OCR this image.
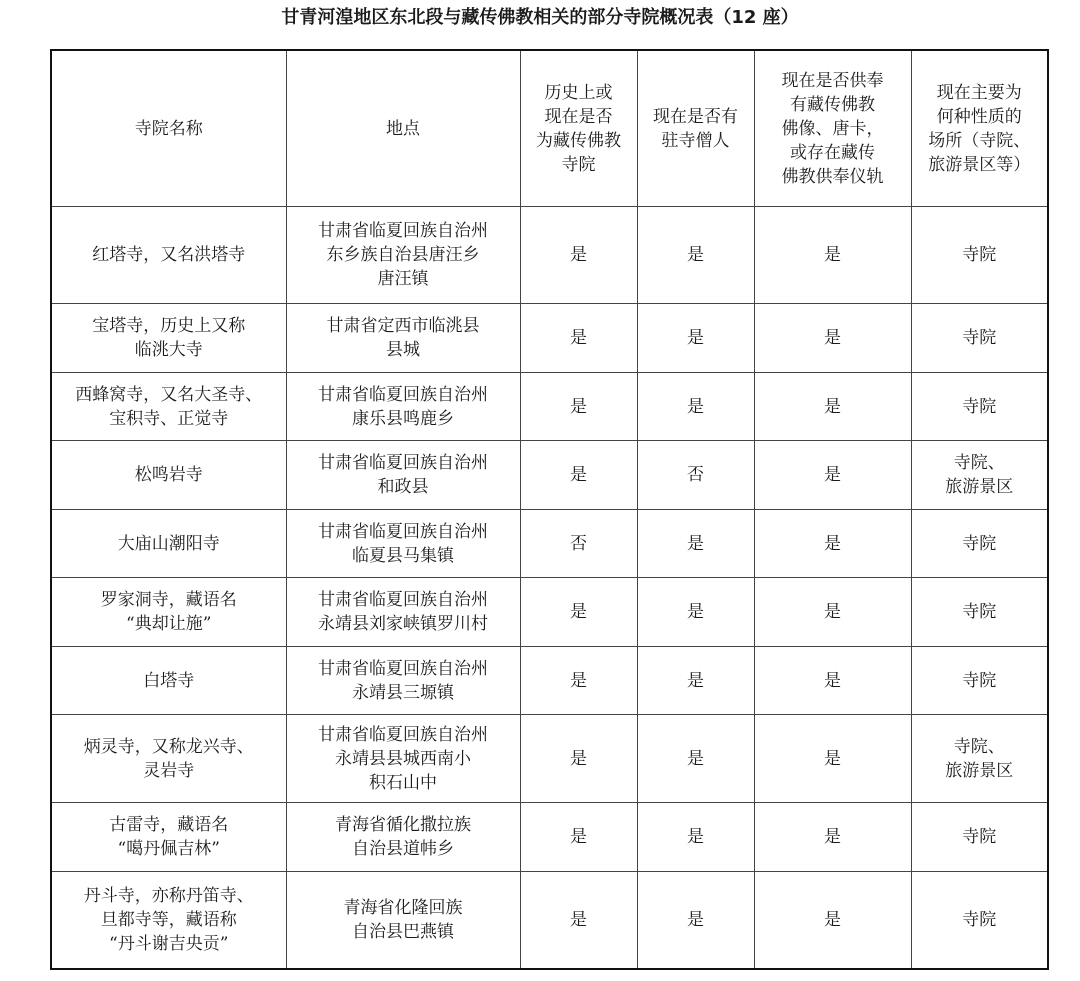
甘青河湟地区东北段与藏传佛教相关的部分寺院概况表（12 座）
寺院名称	地点	历史上或
现在是否
为藏传佛教
寺院	现在是否有
驻寺僧人	现在是否供奉
有藏传佛教
佛像、唐卡，
或存在藏传
佛教供奉仪轨	现在主要为
何种性质的
场所（寺院、
旅游景区等）
红塔寺，又名洪塔寺	甘肃省临夏回族自治州
东乡族自治县唐汪乡
唐汪镇	是	是	是	寺院
宝塔寺，历史上又称
临洮大寺	甘肃省定西市临洮县
县城	是	是	是	寺院
西蜂窝寺，又名大圣寺、
宝积寺、正觉寺	甘肃省临夏回族自治州
康乐县鸣鹿乡	是	是	是	寺院
松鸣岩寺	甘肃省临夏回族自治州
和政县	是	否	是	寺院、
旅游景区
大庙山潮阳寺	甘肃省临夏回族自治州
临夏县马集镇	否	是	是	寺院
罗家洞寺，藏语名
“典却让施”	甘肃省临夏回族自治州
永靖县刘家峡镇罗川村	是	是	是	寺院
白塔寺	甘肃省临夏回族自治州
永靖县三塬镇	是	是	是	寺院
炳灵寺，又称龙兴寺、
灵岩寺	甘肃省临夏回族自治州
永靖县县城西南小
积石山中	是	是	是	寺院、
旅游景区
古雷寺，藏语名
“噶丹佩吉林”	青海省循化撒拉族
自治县道帏乡	是	是	是	寺院
丹斗寺，亦称丹笛寺、
旦都寺等，藏语称
“丹斗谢吉央贡”	青海省化隆回族
自治县巴燕镇	是	是	是	寺院
